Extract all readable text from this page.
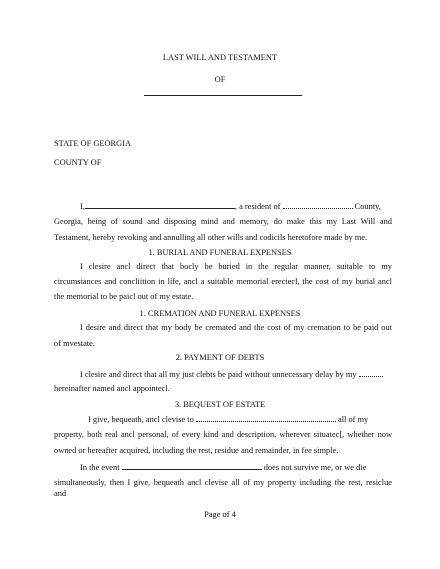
LAST WILL AND TESTAMENT
OF
STATE OF GEORGIA
COUNTY OF
I,	, a resident of	County,
Georgia, being of sound and disposing mind and memory, do make this my Last Will and
Testament, hereby revoking and annulling all other wills and codicils heretofore made by me.
1. BURIAL AND FUNERAL EXPENSES
I clesire ancl direct that bocly be buried in the regular manner, suitable to my
circumstances and concliition in life, ancl a suitable memorial erectecl, the cost of my burial ancl
the memorial to be paicl out of my estate.
1. CREMATION AND FUNERAL EXPENSES
I desire and direct that my body be cremated and the cost of my cremation to be paid out
of mvestate.
2. PAYMENT OF DEBTS
I clesire and direct that all my just clebts be paid without unnecessary delay by my
hereinafter named ancl appointecl.
3. BEQUEST OF ESTATE
I give, bequeath, ancl clevise to	all of my
property, both real ancl personal, of every kind and description, wherever situatec[, whether now
owned or hereafter acquired, including the rest, residue and remainder, in fee simple.
In the event	does not survive me, or we die
simultaneously, then I give, bequeath ancl clevise all of my property including the rest, resiclue
and
Page of 4
